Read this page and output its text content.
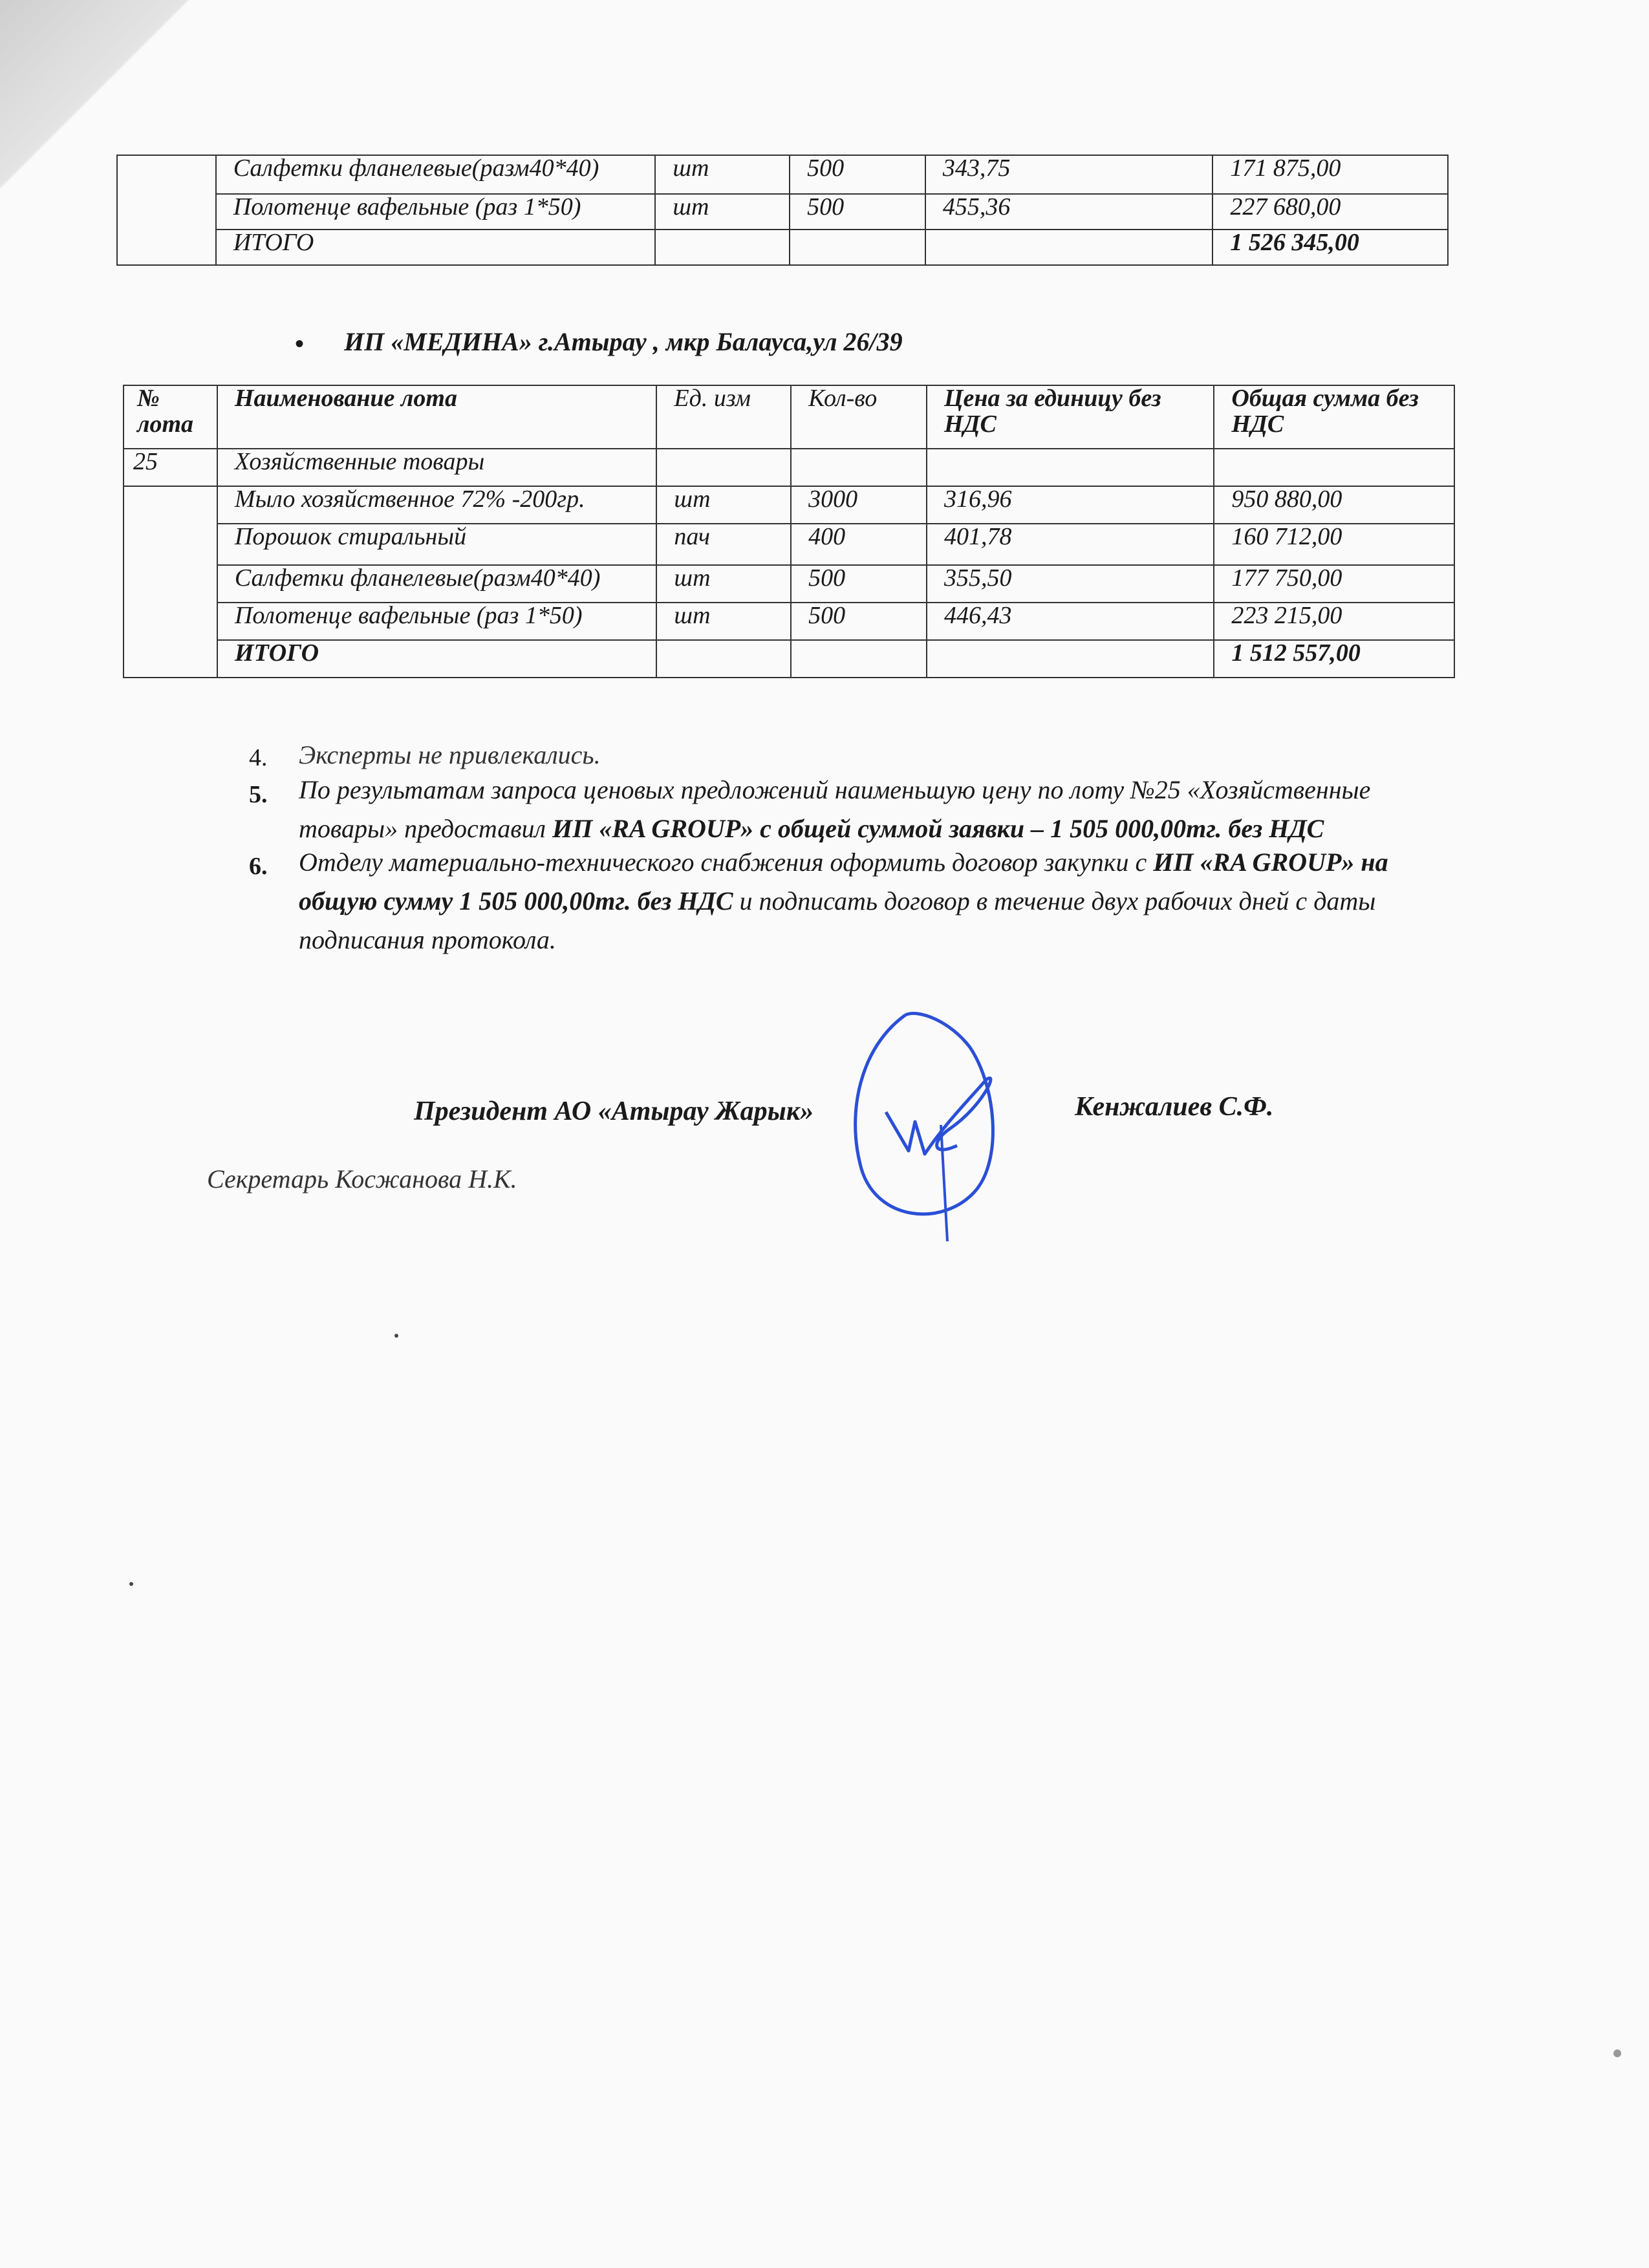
	Салфетки фланелевые(разм40*40)	шт	500	343,75	171 875,00
	Полотенце вафельные (раз 1*50)	шт	500	455,36	227 680,00
	ИТОГО				1 526 345,00
• ИП «МЕДИНА» г.Атырау , мкр Балауса,ул 26/39
№ лота	Наименование лота	Ед. изм	Кол-во	Цена за единицу без НДС	Общая сумма без НДС
25	Хозяйственные товары				
	Мыло хозяйственное 72% -200гр.	шт	3000	316,96	950 880,00
	Порошок стиральный	пач	400	401,78	160 712,00
	Салфетки фланелевые(разм40*40)	шт	500	355,50	177 750,00
	Полотенце вафельные (раз 1*50)	шт	500	446,43	223 215,00
	ИТОГО				1 512 557,00
4. Эксперты не привлекались.
5. По результатам запроса ценовых предложений наименьшую цену по лоту №25 «Хозяйственные
товары» предоставил ИП «RA GROUP» с общей суммой заявки – 1 505 000,00тг. без НДС
6. Отделу материально-технического снабжения оформить договор закупки с ИП «RA GROUP» на
общую сумму 1 505 000,00тг. без НДС и подписать договор в течение двух рабочих дней с даты
подписания протокола.
Президент АО «Атырау Жарык»	Кенжалиев С.Ф.
Секретарь Косжанова Н.К.
